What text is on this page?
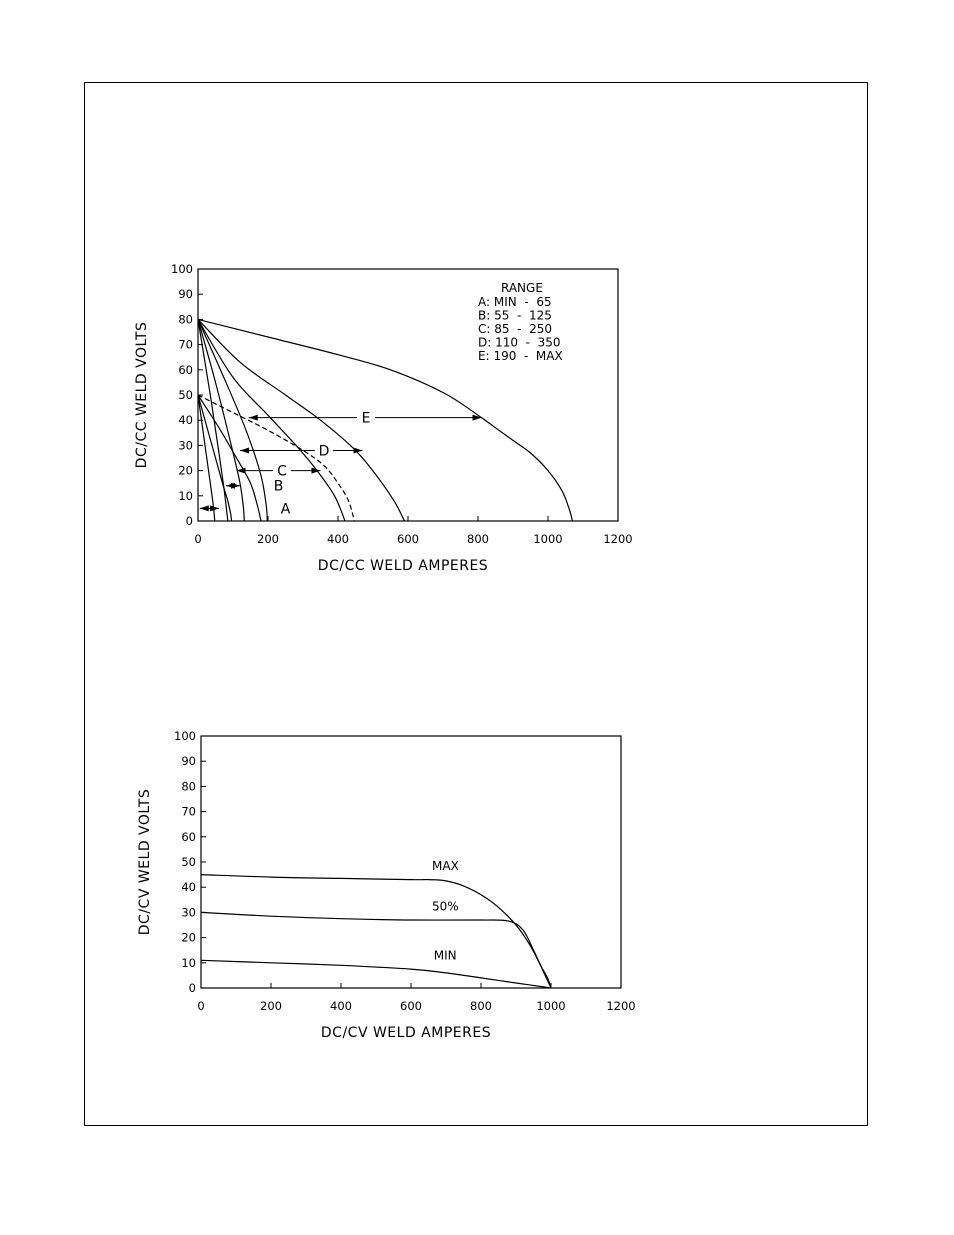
0
10
20
30
40
50
60
70
80
90
100
0	200	400	600	800	1000	1200
DC/CC WELD AMPERES
DC/CC WELD VOLTS
A
B
C
D
E
RANGE
A: MIN  -  65
B: 55  -  125
C: 85  -  250
D: 110  -  350
E: 190  -  MAX
0
10
20
30
40
50
60
70
80
90
100
0	200	400	600	800	1000	1200
DC/CV WELD AMPERES
DC/CV WELD VOLTS	MAX
50%
MIN
